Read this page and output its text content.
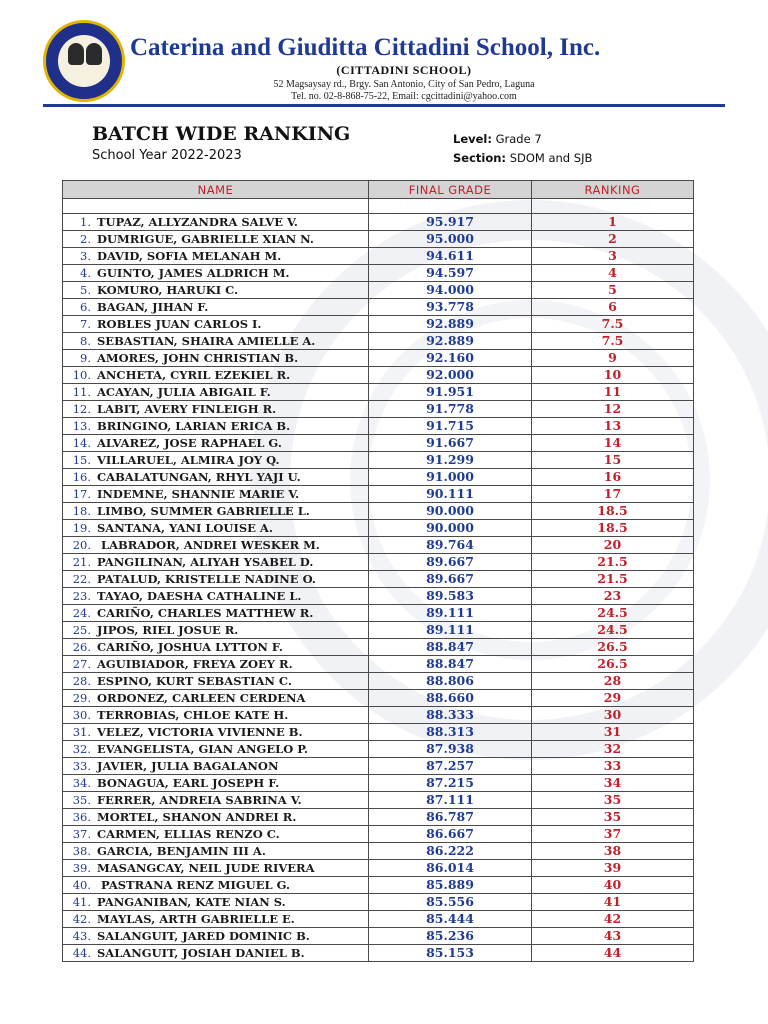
Caterina and Giuditta Cittadini School, Inc.
(CITTADINI SCHOOL)
52 Magsaysay rd., Brgy. San Antonio, City of San Pedro, Laguna
Tel. no. 02-8-868-75-22, Email: cgcittadini@yahoo.com
BATCH WIDE RANKING
School Year 2022-2023
Level: Grade 7
Section: SDOM and SJB
NAME	FINAL GRADE	RANKING

1. TUPAZ, ALLYZANDRA SALVE V.	95.917	1
2. DUMRIGUE, GABRIELLE XIAN N.	95.000	2
3. DAVID, SOFIA MELANAH M.	94.611	3
4. GUINTO, JAMES ALDRICH M.	94.597	4
5. KOMURO, HARUKI C.	94.000	5
6. BAGAN, JIHAN F.	93.778	6
7. ROBLES JUAN CARLOS I.	92.889	7.5
8. SEBASTIAN, SHAIRA AMIELLE A.	92.889	7.5
9. AMORES, JOHN CHRISTIAN B.	92.160	9
10. ANCHETA, CYRIL EZEKIEL R.	92.000	10
11. ACAYAN, JULIA ABIGAIL F.	91.951	11
12. LABIT, AVERY FINLEIGH R.	91.778	12
13. BRINGINO, LARIAN ERICA B.	91.715	13
14. ALVAREZ, JOSE RAPHAEL G.	91.667	14
15. VILLARUEL, ALMIRA JOY Q.	91.299	15
16. CABALATUNGAN, RHYL YAJI U.	91.000	16
17. INDEMNE, SHANNIE MARIE V.	90.111	17
18. LIMBO, SUMMER GABRIELLE L.	90.000	18.5
19. SANTANA, YANI LOUISE A.	90.000	18.5
20. LABRADOR, ANDREI WESKER M.	89.764	20
21. PANGILINAN, ALIYAH YSABEL D.	89.667	21.5
22. PATALUD, KRISTELLE NADINE O.	89.667	21.5
23. TAYAO, DAESHA CATHALINE L.	89.583	23
24. CARIÑO, CHARLES MATTHEW R.	89.111	24.5
25. JIPOS, RIEL JOSUE R.	89.111	24.5
26. CARIÑO, JOSHUA LYTTON F.	88.847	26.5
27. AGUIBIADOR, FREYA ZOEY R.	88.847	26.5
28. ESPINO, KURT SEBASTIAN C.	88.806	28
29. ORDONEZ, CARLEEN CERDENA	88.660	29
30. TERROBIAS, CHLOE KATE H.	88.333	30
31. VELEZ, VICTORIA VIVIENNE B.	88.313	31
32. EVANGELISTA, GIAN ANGELO P.	87.938	32
33. JAVIER, JULIA BAGALANON	87.257	33
34. BONAGUA, EARL JOSEPH F.	87.215	34
35. FERRER, ANDREIA SABRINA V.	87.111	35
36. MORTEL, SHANON ANDREI R.	86.787	35
37. CARMEN, ELLIAS RENZO C.	86.667	37
38. GARCIA, BENJAMIN III A.	86.222	38
39. MASANGCAY, NEIL JUDE RIVERA	86.014	39
40. PASTRANA RENZ MIGUEL G.	85.889	40
41. PANGANIBAN, KATE NIAN S.	85.556	41
42. MAYLAS, ARTH GABRIELLE E.	85.444	42
43. SALANGUIT, JARED DOMINIC B.	85.236	43
44. SALANGUIT, JOSIAH DANIEL B.	85.153	44
